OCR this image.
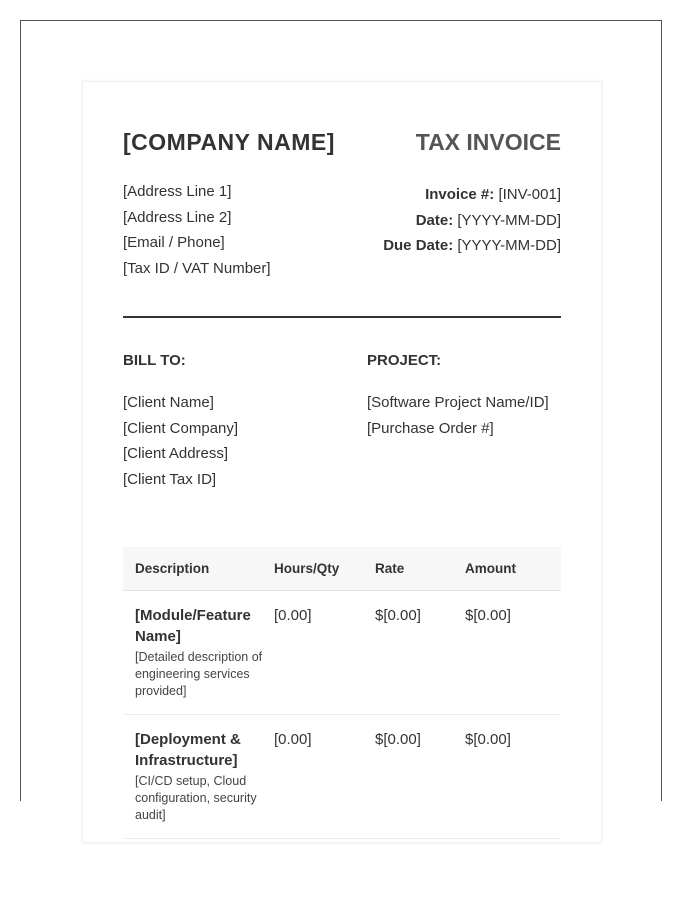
[COMPANY NAME]	TAX INVOICE
[Address Line 1]
[Address Line 2]
[Email / Phone]
[Tax ID / VAT Number]
Invoice #: [INV-001]
Date: [YYYY-MM-DD]
Due Date: [YYYY-MM-DD]
BILL TO:	PROJECT:
[Client Name]
[Client Company]
[Client Address]
[Client Tax ID]
[Software Project Name/ID]
[Purchase Order #]
Description	Hours/Qty	Rate	Amount
[Module/Feature Name]
[Detailed description of engineering services provided]
[0.00]	$[0.00]	$[0.00]
[Deployment & Infrastructure]
[CI/CD setup, Cloud configuration, security audit]
[0.00]	$[0.00]	$[0.00]
